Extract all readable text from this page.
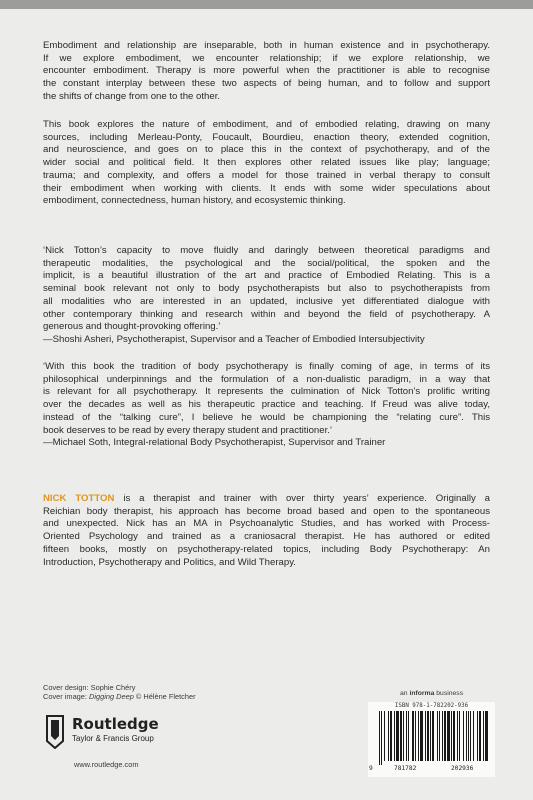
Embodiment and relationship are inseparable, both in human existence and in psychotherapy.
If we explore embodiment, we encounter relationship; if we explore relationship, we
encounter embodiment. Therapy is more powerful when the practitioner is able to recognise
the constant interplay between these two aspects of being human, and to follow and support
the shifts of change from one to the other.
This book explores the nature of embodiment, and of embodied relating, drawing on many
sources, including Merleau-Ponty, Foucault, Bourdieu, enaction theory, extended cognition,
and neuroscience, and goes on to place this in the context of psychotherapy, and of the
wider social and political field. It then explores other related issues like play; language;
trauma; and complexity, and offers a model for those trained in verbal therapy to consult
their embodiment when working with clients. It ends with some wider speculations about
embodiment, connectedness, human history, and ecosystemic thinking.
‘Nick Totton’s capacity to move fluidly and daringly between theoretical paradigms and
therapeutic modalities, the psychological and the social/political, the spoken and the
implicit, is a beautiful illustration of the art and practice of Embodied Relating. This is a
seminal book relevant not only to body psychotherapists but also to psychotherapists from
all modalities who are interested in an updated, inclusive yet differentiated dialogue with
other contemporary thinking and research within and beyond the field of psychotherapy. A
generous and thought-provoking offering.’
—Shoshi Asheri, Psychotherapist, Supervisor and a Teacher of Embodied Intersubjectivity
‘With this book the tradition of body psychotherapy is finally coming of age, in terms of its
philosophical underpinnings and the formulation of a non-dualistic paradigm, in a way that
is relevant for all psychotherapy. It represents the culmination of Nick Totton’s prolific writing
over the decades as well as his therapeutic practice and teaching. If Freud was alive today,
instead of the “talking cure”, I believe he would be championing the “relating cure”. This
book deserves to be read by every therapy student and practitioner.’
—Michael Soth, Integral-relational Body Psychotherapist, Supervisor and Trainer
NICK TOTTON is a therapist and trainer with over thirty years’ experience. Originally a
Reichian body therapist, his approach has become broad based and open to the spontaneous
and unexpected. Nick has an MA in Psychoanalytic Studies, and has worked with Process-
Oriented Psychology and trained as a craniosacral therapist. He has authored or edited
fifteen books, mostly on psychotherapy-related topics, including Body Psychotherapy: An
Introduction, Psychotherapy and Politics, and Wild Therapy.
Cover design: Sophie Chéry
Cover image: Digging Deep © Hélène Fletcher	an informa business
Routledge
Taylor & Francis Group
www.routledge.com
ISBN 978-1-782202-936
9	781782	202936
